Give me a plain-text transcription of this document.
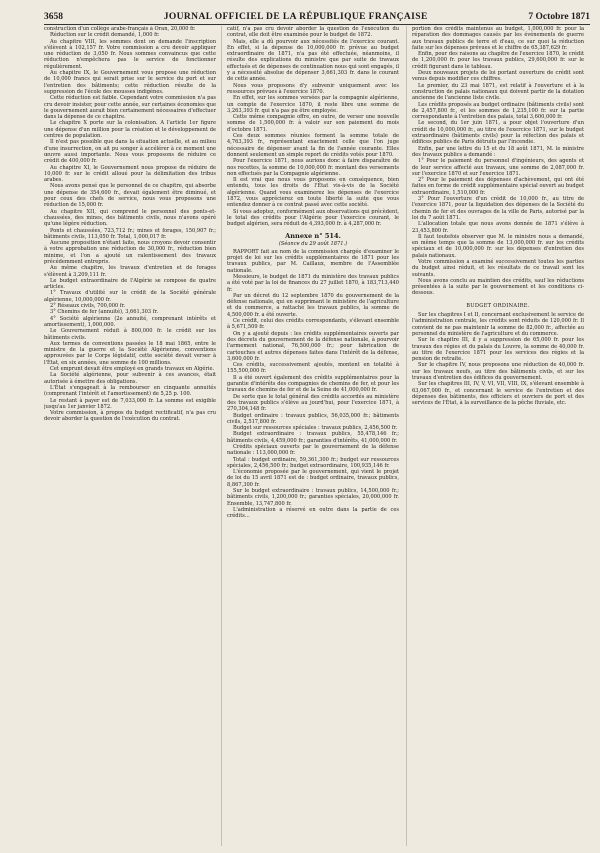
3658	JOURNAL OFFICIEL DE LA RÉPUBLIQUE FRANÇAISE	7 Octobre 1871

construction d'un collège arabe-français à Oran, 20,000 fr.

Réduction sur le crédit demandé, 1,000 fr.

Au chapitre VIII, les sommes dont on demande l'inscription s'élèvent à 102,157 fr. Votre commission a cru devoir appliquer une réduction de 3,050 fr. Nous sommes convaincus que cette réduction n'empêchera pas le service de fonctionner régulièrement.

Au chapitre IX, le Gouvernement vous propose une réduction de 10,000 francs qui serait prise sur le service du port et sur l'entretien des bâtiments; cette réduction résulte de la suppression de l'école des mousses indigènes.

Cette réduction est faible. Cependant votre commission n'a pas cru devoir insister, pour cette année, sur certaines économies que le gouvernement aurait bien certainement nécessaires d'effectuer dans la dépense de ce chapitre.

Le chapitre X porte sur la colonisation. A l'article 1er figure une dépense d'un million pour la création et le développement de centres de population.

Il n'est pas possible que dans la situation actuelle, et au milieu d'une insurrection, on ait pu songer à accélérer à ce moment une œuvre aussi importante. Nous vous proposons de réduire ce crédit de 400,000 fr.

Au chapitre XI, le Gouvernement nous propose de réduire de 10,000 fr. sur le crédit alloué pour la délimitation des tribus arabes.

Nous avons pensé que le personnel de ce chapitre, qui absorbe une dépense de 354,600 fr., devait également être diminué, et pour ceux des chefs de service, nous vous proposons une réduction de 15,000 fr.

Au chapitre XII, qui comprend le personnel des ponts-et-chaussées, des mines, des bâtiments civils, nous n'avons opéré qu'une légère réduction.

Ponts et chaussées, 723,712 fr.; mines et forages, 150,907 fr.; bâtiments civils, 113,050 fr. Total, 1,000,017 fr.

Aucune proposition n'étant faite, nous croyons devoir consentir à votre approbation une réduction de 30,000 fr., réduction bien minime, et l'on a ajouté un ralentissement des travaux précédemment entrepris.

Au même chapitre, les travaux d'entretien et de forages s'élèvent à 3,209,111 fr.

Le budget extraordinaire de l'Algérie se compose de quatre articles.

1° Travaux d'utilité sur le crédit de la Société générale algérienne, 10,000,000 fr.

2° Réseaux civils, 700,000 fr.

3° Chemins de fer (annuité), 3,661,303 fr.

4° Société algérienne (2e annuité, comprenant intérêts et amortissement), 1,000,000.

Le Gouvernement réduit à 800,000 fr. le crédit sur les bâtiments civils.

Aux termes de conventions passées le 18 mai 1865, entre le ministre de la guerre et la Société Algérienne, conventions approuvées par le Corps législatif, cette société devait verser à l'État, en six années, une somme de 100 millions.

Cet emprunt devait être employé en grands travaux en Algérie.

La Société algérienne, pour subvenir à ces avances, était autorisée à émettre des obligations.

L'État s'engageait à la rembourser en cinquante annuités (comprenant l'intérêt et l'amortissement) de 5,25 p. 100.

Le restant à payer est de 7,033,000 fr. La somme est exigible jusqu'au 1er janvier 1872.

Votre commission, à propos du budget rectificatif, n'a pas cru devoir aborder la question de l'exécution du contrat.

catif, n'a pas cru devoir aborder la question de l'exécution du contrat, elle doit être examinée pour le budget de 1872.

Mais, elle a dû pourvoir aux nécessités de l'exercice courant. En effet, si la dépense de 10,000,000 fr. prévue au budget extraordinaire de 1871, n'a pas été effectuée, néanmoins, il résulte des explications du ministre que par suite de travaux effectués et de dépenses de continuation nous qui sont engagés, il y a nécessité absolue de dépenser 3,661,303 fr. dans le courant de cette année.

Nous vous proposons d'y subvenir uniquement avec les ressources prévues à l'exercice 1870.

En effet, sur les sommes versées par la compagnie algérienne, un compte de l'exercice 1870, il reste libre une somme de 3,263,393 fr. qui n'a pas pu être employée.

Cette même compagnie offre, en outre, de verser une nouvelle somme de 1,500,000 fr. à valoir sur son paiement du mois d'octobre 1871.

Ces deux sommes réunies forment la somme totale de 4,763,393 fr., représentant exactement celle que l'on juge nécessaire de dépenser avant la fin de l'année courante. Elles donnent seulement un simple report de crédits votés pour 1870.

Pour l'exercice 1871, nous aurions donc à faire disparaître de nos recettes, la somme de 10,000,000 fr. montant des versements non effectués par la Compagnie algérienne.

Il est vrai que nous vous proposons en conséquence, bien entendu, tous les droits de l'État vis-à-vis de la Société algérienne. Quand vous examinerez les dépenses de l'exercice 1872, vous apprécierez en toute liberté la suite que vous entendez donner à ce contrat passé avec cette société.

Si vous adoptez, conformément aux observations qui précèdent, le total des crédits pour l'Algérie pour l'exercice courant, le budget algérien, sera réduit de 4,393,000 fr. à 4,287,000 fr.

Annexe n° 514.

(Séance du 29 août 1871.)

RAPPORT fait au nom de la commission chargée d'examiner le projet de loi sur les crédits supplémentaires de 1871 pour les travaux publics, par M. Caillaux, membre de l'Assemblée nationale.

Messieurs, le budget de 1871 du ministère des travaux publics a été voté par la loi de finances du 27 juillet 1870, à 183,713,440 fr.

Par un décret du 12 septembre 1870 du gouvernement de la défense nationale, qui en supprimant le ministère de l'agriculture et du commerce, a rattaché les travaux publics, la somme de 4,500,000 fr. a été ouverte.

Ce crédit, celui des crédits correspondants, s'élevant ensemble à 5,671,509 fr.

On y a ajouté depuis : les crédits supplémentaires ouverts par des décrets du gouvernement de la défense nationale, à pourvoir l'armement national, 76,500,000 fr.; pour fabrication de cartouches et autres dépenses faites dans l'intérêt de la défense, 3,600,000 fr.

Ces crédits, successivement ajoutés, montent en totalité à 155,500,000 fr.

Il a été ouvert également des crédits supplémentaires pour la garantie d'intérêts des compagnies de chemins de fer, et pour les travaux de chemins de fer et de la Seine de 41,000,000 fr.

De sorte que le total général des crédits accordés au ministère des travaux publics s'élève au jourd'hui, pour l'exercice 1871, à 270,304,148 fr.

Budget ordinaire : travaux publics, 56,035,000 fr.; bâtiments civils, 2,517,800 fr.

Budget sur ressources spéciales : travaux publics, 2,456,500 fr.

Budget extraordinaire : travaux publics, 55,478,146 fr.; bâtiments civils, 4,459,000 fr.; garanties d'intérêts, 41,000,000 fr.

Crédits spéciaux ouverts par le gouvernement de la défense nationale : 113,000,000 fr.

Total : budget ordinaire, 59,361,300 fr.; budget sur ressources spéciales, 2,456,500 fr.; budget extraordinaire, 100,935,146 fr.

L'économie proposée par le gouvernement, qui vient le projet de loi du 15 avril 1871 est de : budget ordinaire, travaux publics, 8,867,300 fr.

Sur le budget extraordinaire : travaux publics, 14,500,000 fr.; bâtiments civils, 1,200,000 fr.; garanties spéciales, 20,000,000 fr. Ensemble, 13,747,800 fr.

L'administration a réservé en outre dans la partie de ces crédits...

portion des crédits maintenus au budget, 1,000,000 fr. pour la réparation des dommages causés par les événements de guerre aux travaux publics de terre et d'eau, ce sur quoi la réduction faite sur les dépenses prévues et le chiffre de 65,387,629 fr.

Enfin, pour des raisons au chapitre de l'exercice 1870, le crédit de 1,200,000 fr. pour les travaux publics, 29,600,000 fr. sur le crédit figurant dans le tableau.

Deux nouveaux projets de loi portant ouverture de crédit sont venus depuis modifier ces chiffres.

Le premier, du 23 mai 1871, est relatif à l'ouverture et à la construction de palais nationaux qui doivent partir de la dotation ancienne de l'ancienne liste civile.

Les crédits proposés au budget ordinaire (bâtiments civils) sont de 2,457,800 fr., et les sommes de 1,235,100 fr. sur la partie correspondante à l'entretien des palais, total 3,600,000 fr.

Le second, du 1er juin 1871, a pour objet l'ouverture d'un crédit de 10,000,000 fr., au titre de l'exercice 1871, sur le budget extraordinaire (bâtiments civils) pour la réfection des palais et édifices publics de Paris détruits par l'incendie.

Enfin, par une lettre du 15 et du 18 août 1871, M. le ministre des travaux publics a demandé :

1° Pour le paiement du personnel d'ingénieurs, des agents et de leur service affecté aux travaux, une somme de 2,087,000 fr. sur l'exercice 1870 et sur l'exercice 1871.

2° Pour le paiement des dépenses d'achèvement, qui ont été faites en forme de crédit supplémentaire spécial ouvert au budget extraordinaire, 1,510,000 fr.

3° Pour l'ouverture d'un crédit de 10,000 fr., au titre de l'exercice 1871, pour la liquidation des dépenses de la Société du chemin de fer et des ouvrages de la ville de Paris, autorisé par la loi du 7 août 1871.

L'allocation totale que nous avons donnée de 1871 s'élève à 23,453,800 fr.

Il faut toutefois observer que M. le ministre nous a demandé, en même temps que la somme de 13,000,000 fr. sur les crédits spéciaux et de 10,000,000 fr. sur les dépenses d'entretien des palais nationaux.

Votre commission a examiné successivement toutes les parties du budget ainsi réduit, et les résultats de ce travail sont les suivants.

Nous avons conclu au maintien des crédits, sauf les réductions présentées à la suite par le gouvernement et les conditions ci-dessous.

BUDGET ORDINAIRE.

Sur les chapitres I et II, concernant exclusivement le service de l'administration centrale, les crédits sont réduits de 120,000 fr. Il convient de ne pas maintenir la somme de 82,000 fr., affectée au personnel du ministère de l'agriculture et du commerce.

Sur le chapitre III, il y a suppression de 65,000 fr. pour les travaux des régies et du palais du Louvre, la somme de 40,000 fr. au titre de l'exercice 1871 pour les services des régies et la pension de retraite.

Sur le chapitre IV, nous proposons une réduction de 40,000 fr. sur les travaux neufs, au titre des bâtiments civils, et sur les travaux d'entretien des édifices du gouvernement.

Sur les chapitres III, IV, V, VI, VII, VIII, IX, s'élevant ensemble à 63,067,000 fr., et concernant le service de l'entretien et des dépenses des bâtiments, des officiers et ouvriers de port et des services de l'État, à la surveillance de la pêche fluviale, etc.
